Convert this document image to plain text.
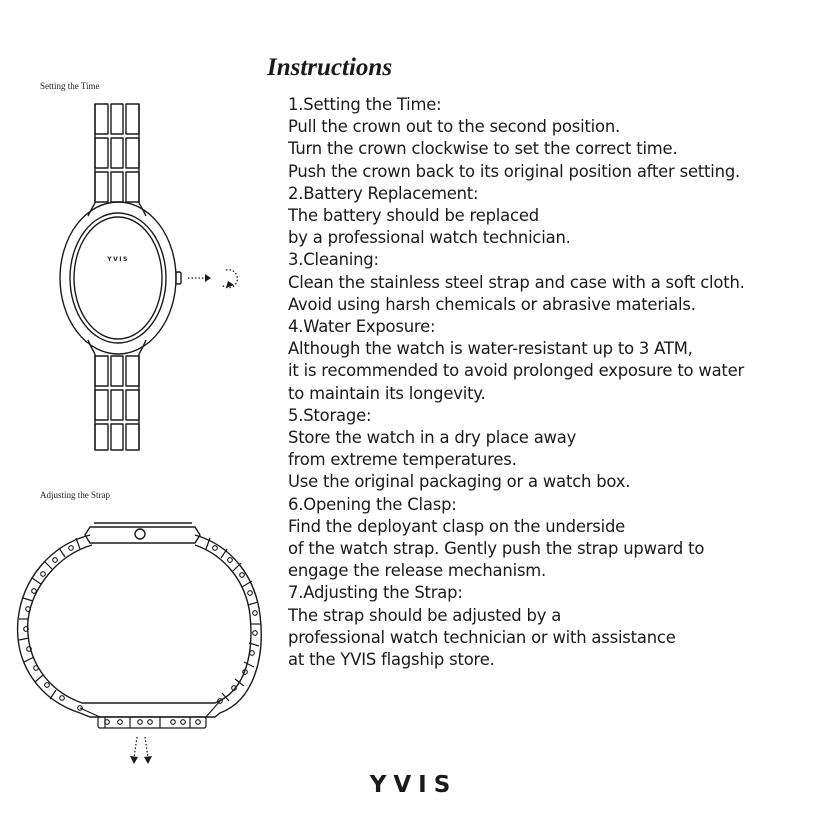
Setting the Time
YVIS
Adjusting the Strap
Instructions
1.Setting the Time:
Pull the crown out to the second position.
Turn the crown clockwise to set the correct time.
Push the crown back to its original position after setting.
2.Battery Replacement:
The battery should be replaced
by a professional watch technician.
3.Cleaning:
Clean the stainless steel strap and case with a soft cloth.
Avoid using harsh chemicals or abrasive materials.
4.Water Exposure:
Although the watch is water-resistant up to 3 ATM,
it is recommended to avoid prolonged exposure to water
to maintain its longevity.
5.Storage:
Store the watch in a dry place away
from extreme temperatures.
Use the original packaging or a watch box.
6.Opening the Clasp:
Find the deployant clasp on the underside
of the watch strap. Gently push the strap upward to
engage the release mechanism.
7.Adjusting the Strap:
The strap should be adjusted by a
professional watch technician or with assistance
at the YVIS flagship store.
YVIS
